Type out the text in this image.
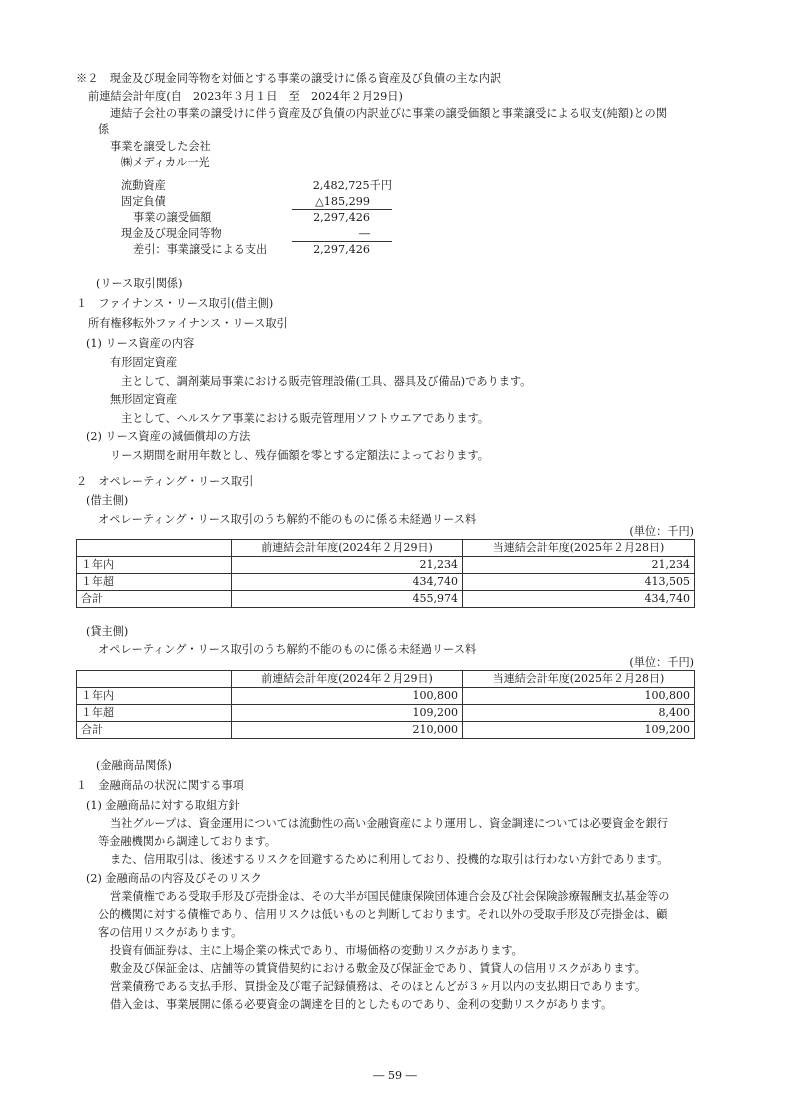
※２　現金及び現金同等物を対価とする事業の譲受けに係る資産及び負債の主な内訳
前連結会計年度(自　2023年３月１日　至　2024年２月29日)
連結子会社の事業の譲受けに伴う資産及び負債の内訳並びに事業の譲受価額と事業譲受による収支(純額)との関
係
事業を譲受した会社
㈱メディカル一光
流動資産	2,482,725千円
固定負債	△185,299
事業の譲受価額	2,297,426
現金及び現金同等物	―
差引：事業譲受による支出	2,297,426
(リース取引関係)
１　ファイナンス・リース取引(借主側)
所有権移転外ファイナンス・リース取引
(1) リース資産の内容
有形固定資産
主として、調剤薬局事業における販売管理設備(工具、器具及び備品)であります。
無形固定資産
主として、ヘルスケア事業における販売管理用ソフトウエアであります。
(2) リース資産の減価償却の方法
リース期間を耐用年数とし、残存価額を零とする定額法によっております。
２　オペレーティング・リース取引
(借主側)
オペレーティング・リース取引のうち解約不能のものに係る未経過リース料
(単位：千円)
	前連結会計年度(2024年２月29日)	当連結会計年度(2025年２月28日)
１年内	21,234	21,234
１年超	434,740	413,505
合計	455,974	434,740
(貸主側)
オペレーティング・リース取引のうち解約不能のものに係る未経過リース料
(単位：千円)
	前連結会計年度(2024年２月29日)	当連結会計年度(2025年２月28日)
１年内	100,800	100,800
１年超	109,200	8,400
合計	210,000	109,200
(金融商品関係)
１　金融商品の状況に関する事項
(1) 金融商品に対する取組方針
当社グループは、資金運用については流動性の高い金融資産により運用し、資金調達については必要資金を銀行
等金融機関から調達しております。
また、信用取引は、後述するリスクを回避するために利用しており、投機的な取引は行わない方針であります。
(2) 金融商品の内容及びそのリスク
営業債権である受取手形及び売掛金は、その大半が国民健康保険団体連合会及び社会保険診療報酬支払基金等の
公的機関に対する債権であり、信用リスクは低いものと判断しております。それ以外の受取手形及び売掛金は、顧
客の信用リスクがあります。
投資有価証券は、主に上場企業の株式であり、市場価格の変動リスクがあります。
敷金及び保証金は、店舗等の賃貸借契約における敷金及び保証金であり、賃貸人の信用リスクがあります。
営業債務である支払手形、買掛金及び電子記録債務は、そのほとんどが３ヶ月以内の支払期日であります。
借入金は、事業展開に係る必要資金の調達を目的としたものであり、金利の変動リスクがあります。
― 59 ―
